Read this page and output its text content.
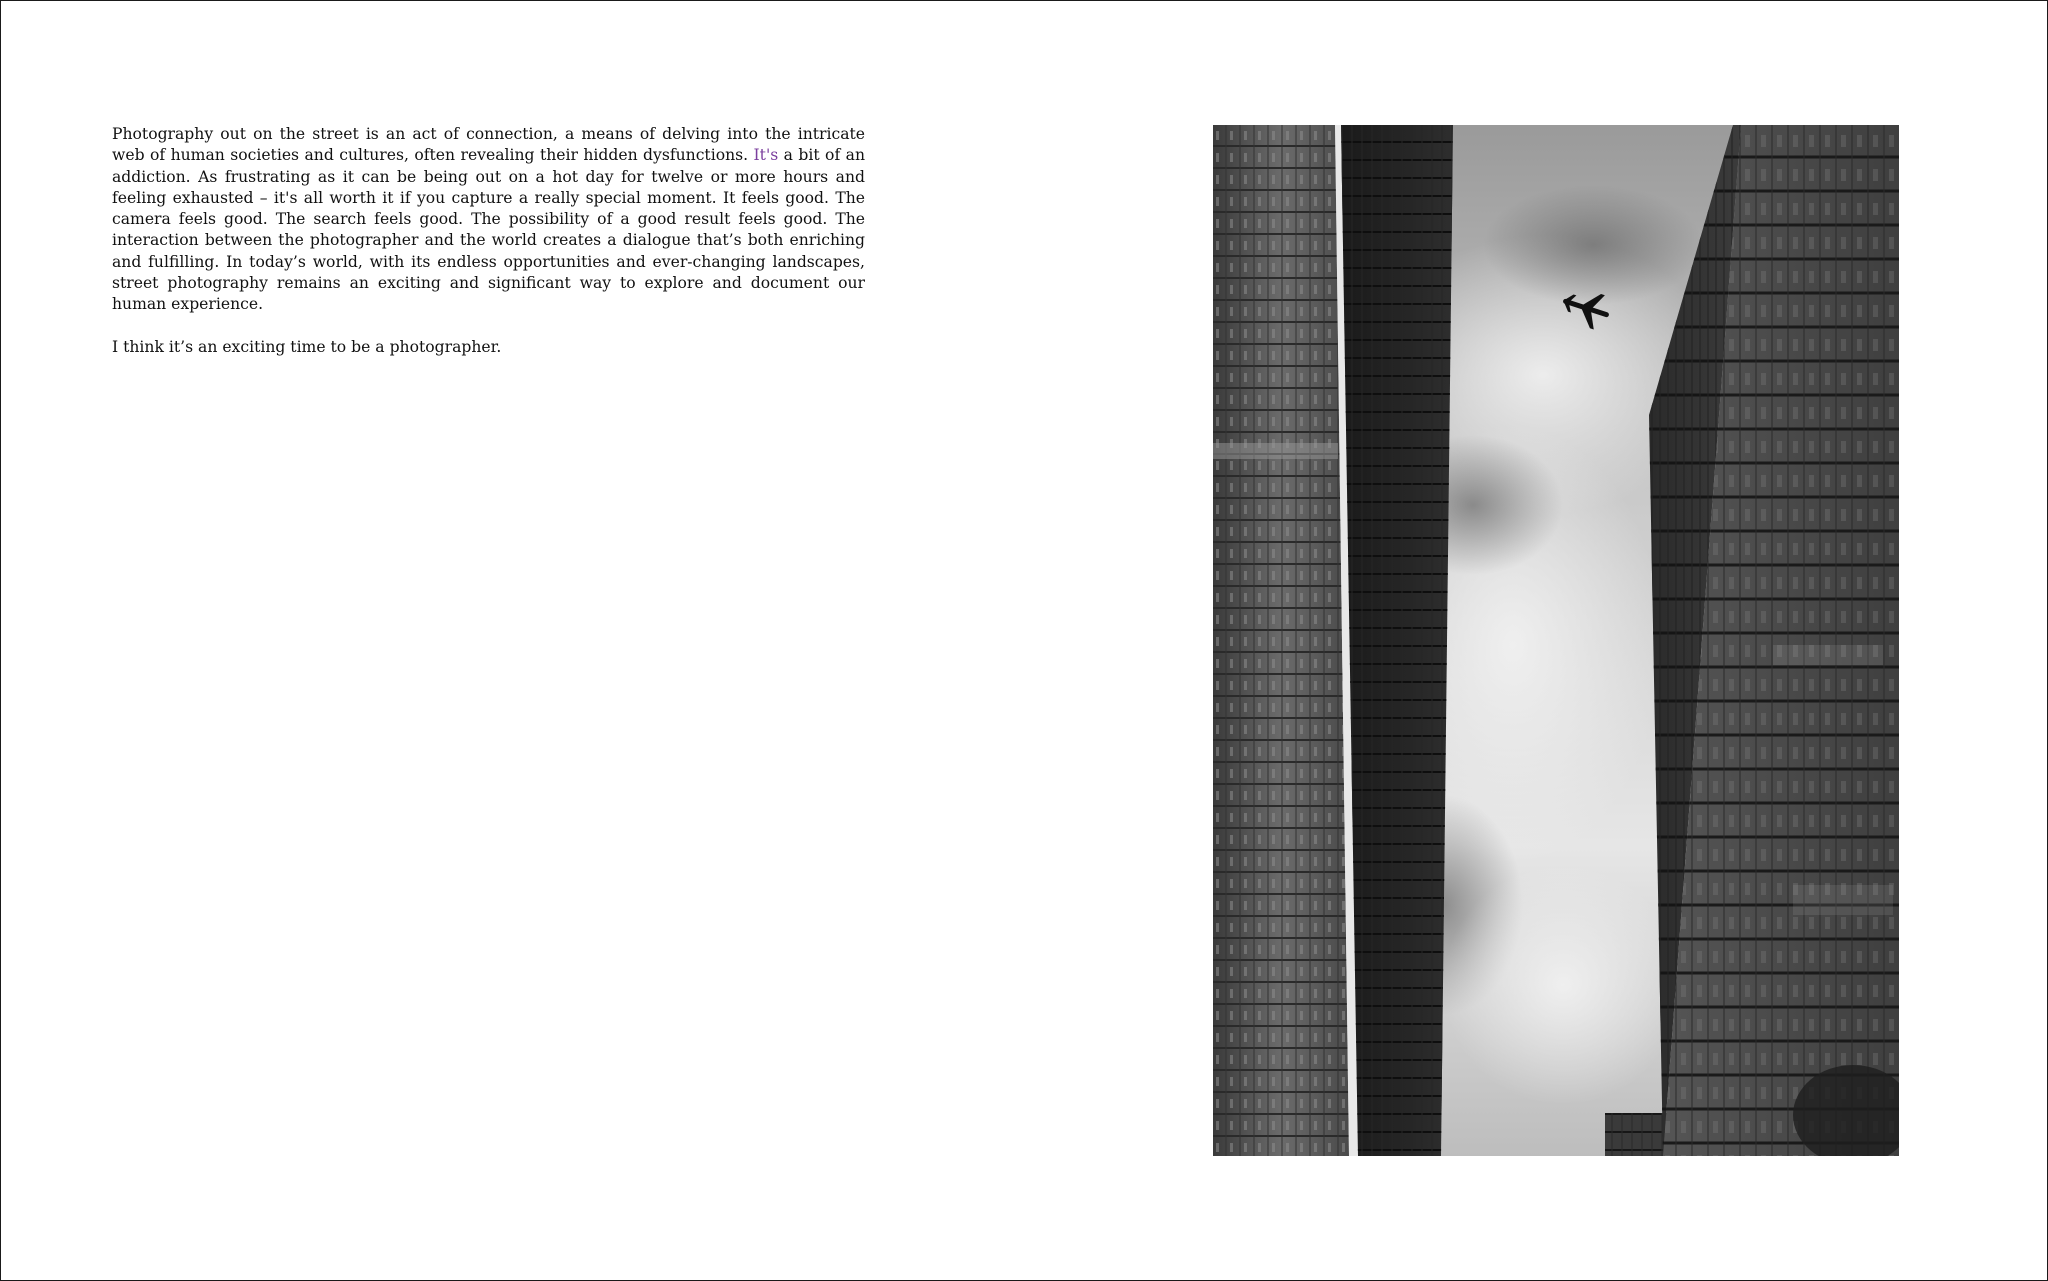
Photography out on the street is an act of connection, a means of delving into the intricate web of human societies and cultures, often revealing their hidden dysfunctions. It's a bit of an addiction. As frustrating as it can be being out on a hot day for twelve or more hours and feeling exhausted – it's all worth it if you capture a really special moment. It feels good. The camera feels good. The search feels good. The possibility of a good result feels good. The interaction between the photographer and the world creates a dialogue that’s both enriching and fulfilling. In today’s world, with its endless opportunities and ever-changing landscapes, street photography remains an exciting and significant way to explore and document our human experience.

I think it’s an exciting time to be a photographer.
